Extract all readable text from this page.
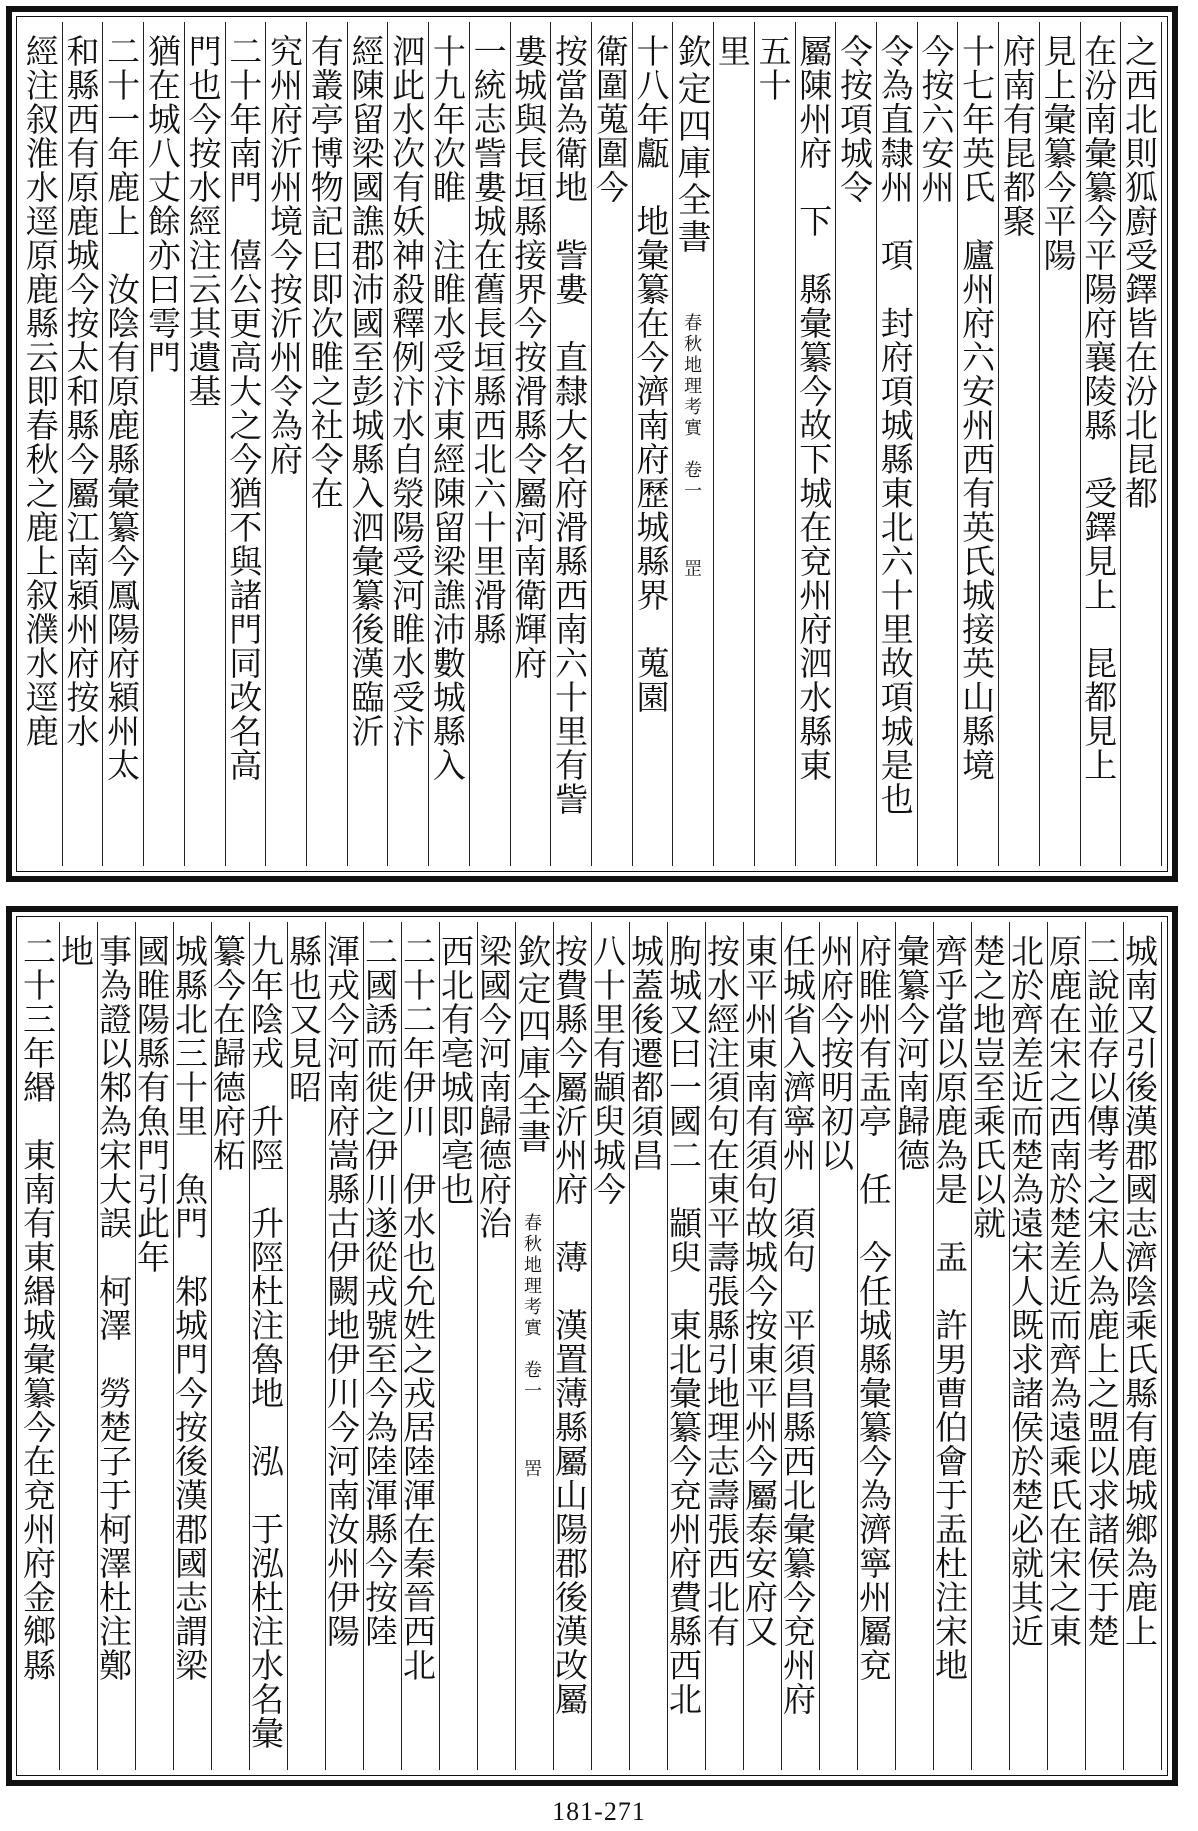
之西北則狐廚受鐸皆在汾北昆都
在汾南彙纂今平陽府襄陵縣　受鐸見上　昆都見上
見上彙纂今平陽
府南有昆都聚
十七年英氏　廬州府六安州西有英氏城接英山縣境
今按六安州
令為直隸州　項　封府項城縣東北六十里故項城是也
令按項城令
屬陳州府　下　縣彙纂今故下城在兗州府泗水縣東
五十
里
欽定四庫全書　春秋地理考實　卷一　罡
十八年甗　地彙纂在今濟南府歷城縣界　蒐園
衛圍蒐圍今
按當為衛地　訾婁　直隸大名府滑縣西南六十里有訾
婁城與長垣縣接界今按滑縣令屬河南衛輝府
一統志訾婁城在舊長垣縣西北六十里滑縣
十九年次睢　注睢水受汴東經陳留梁譙沛數城縣入
泗此水次有妖神殺釋例汴水自滎陽受河睢水受汴
經陳留梁國譙郡沛國至彭城縣入泗彙纂後漢臨沂
有叢亭博物記曰即次睢之社令在
究州府沂州境今按沂州令為府
二十年南門　僖公更高大之今猶不與諸門同改名高
門也今按水經注云其遺基
猶在城八丈餘亦曰雩門
二十一年鹿上　汝陰有原鹿縣彙纂今鳳陽府潁州太
和縣西有原鹿城今按太和縣今屬江南潁州府按水
經注叙淮水逕原鹿縣云即春秋之鹿上叙濮水逕鹿
城南又引後漢郡國志濟陰乘氏縣有鹿城鄉為鹿上
二說並存以傳考之宋人為鹿上之盟以求諸侯于楚
原鹿在宋之西南於楚差近而齊為遠乘氏在宋之東
北於齊差近而楚為遠宋人既求諸侯於楚必就其近
楚之地豈至乘氏以就
齊乎當以原鹿為是　盂　許男曹伯會于盂杜注宋地
彙纂今河南歸德
府睢州有盂亭　任　今任城縣彙纂今為濟寧州屬兗
州府今按明初以
任城省入濟寧州　須句　平須昌縣西北彙纂今兗州府
東平州東南有須句故城今按東平州今屬泰安府又
按水經注須句在東平壽張縣引地理志壽張西北有
朐城又曰一國二　顓臾　東北彙纂今兗州府費縣西北
城蓋後遷都須昌
八十里有顓臾城今
按費縣今屬沂州府　薄　漢置薄縣屬山陽郡後漢改屬
欽定四庫全書　春秋地理考實　卷一　罟
梁國今河南歸德府治
西北有亳城即亳也
二十二年伊川　伊水也允姓之戎居陸渾在秦晉西北
二國誘而徙之伊川遂從戎號至今為陸渾縣今按陸
渾戎今河南府嵩縣古伊闕地伊川今河南汝州伊陽
縣也又見昭
九年陰戎　升陘　升陘杜注魯地　泓　于泓杜注水名彙
纂今在歸德府柘
城縣北三十里　魚門　邾城門今按後漢郡國志謂梁
國睢陽縣有魚門引此年
事為證以邾為宋大誤　柯澤　勞楚子于柯澤杜注鄭
地
二十三年緡　東南有東緡城彙纂今在兗州府金鄉縣
181-271
